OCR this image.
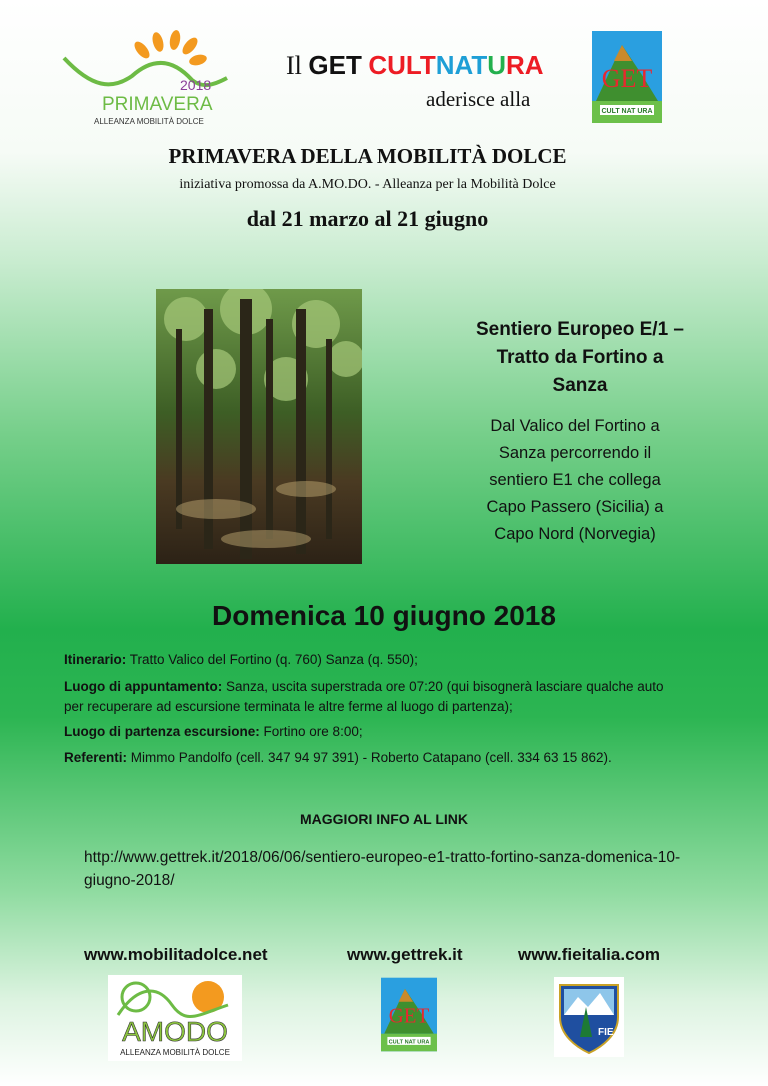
2018
PRIMAVERA
ALLEANZA MOBILITÀ DOLCE
Il GET CULTNATURA
aderisce alla
GET
CULT NAT URA
PRIMAVERA DELLA MOBILITÀ DOLCE
iniziativa promossa da A.MO.DO. - Alleanza per la Mobilità Dolce
dal 21 marzo al 21 giugno
Sentiero Europeo E/1 – Tratto da Fortino a Sanza
Dal Valico del Fortino a Sanza percorrendo il sentiero E1 che collega Capo Passero (Sicilia) a Capo Nord (Norvegia)
Domenica 10 giugno 2018
Itinerario: Tratto Valico del Fortino (q. 760) Sanza (q. 550);
Luogo di appuntamento: Sanza, uscita superstrada ore 07:20 (qui bisognerà lasciare qualche auto per recuperare ad escursione terminata le altre ferme al luogo di partenza);
Luogo di partenza escursione: Fortino ore 8:00;
Referenti: Mimmo Pandolfo (cell. 347 94 97 391) - Roberto Catapano (cell. 334 63 15 862).
MAGGIORI INFO AL LINK
http://www.gettrek.it/2018/06/06/sentiero-europeo-e1-tratto-fortino-sanza-domenica-10-giugno-2018/
www.mobilitadolce.net	www.gettrek.it	www.fieitalia.com
AMODO
ALLEANZA MOBILITÀ DOLCE
GET
CULT NAT URA
FIE
